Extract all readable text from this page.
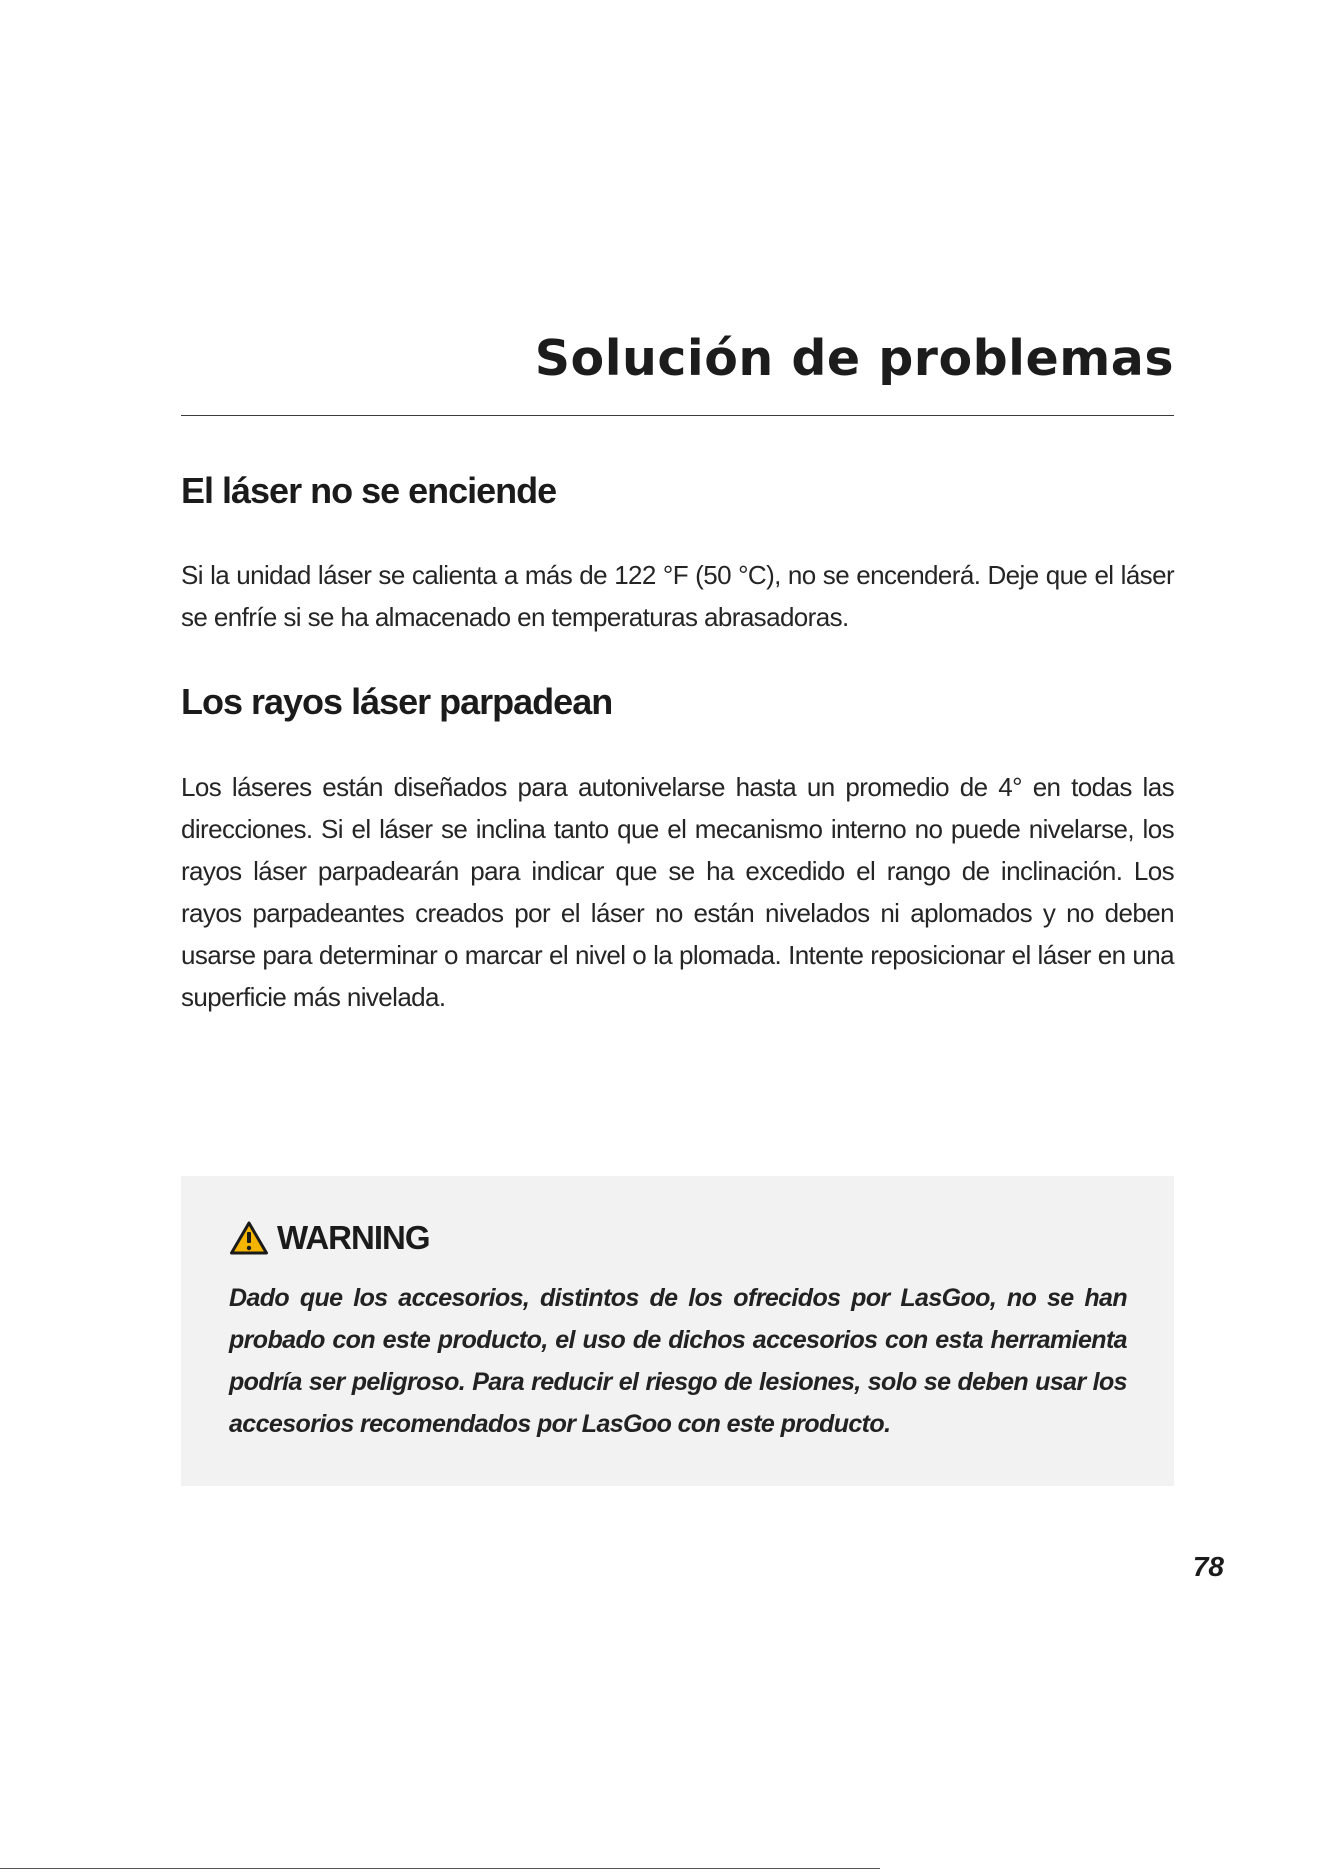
Solución de problemas
El láser no se enciende

Si la unidad láser se calienta a más de 122 °F (50 °C), no se encenderá. Deje que el láser se enfríe si se ha almacenado en temperaturas abrasadoras.

Los rayos láser parpadean

Los láseres están diseñados para autonivelarse hasta un promedio de 4° en todas las direcciones. Si el láser se inclina tanto que el mecanismo interno no puede nivelarse, los rayos láser parpadearán para indicar que se ha excedido el rango de inclinación. Los rayos parpadeantes creados por el láser no están nivelados ni aplomados y no deben usarse para determinar o marcar el nivel o la plomada. Intente reposicionar el láser en una superficie más nivelada.

WARNING

Dado que los accesorios, distintos de los ofrecidos por LasGoo, no se han probado con este producto, el uso de dichos accesorios con esta herramienta podría ser peligroso. Para reducir el riesgo de lesiones, solo se deben usar los accesorios recomendados por LasGoo con este producto.

78
